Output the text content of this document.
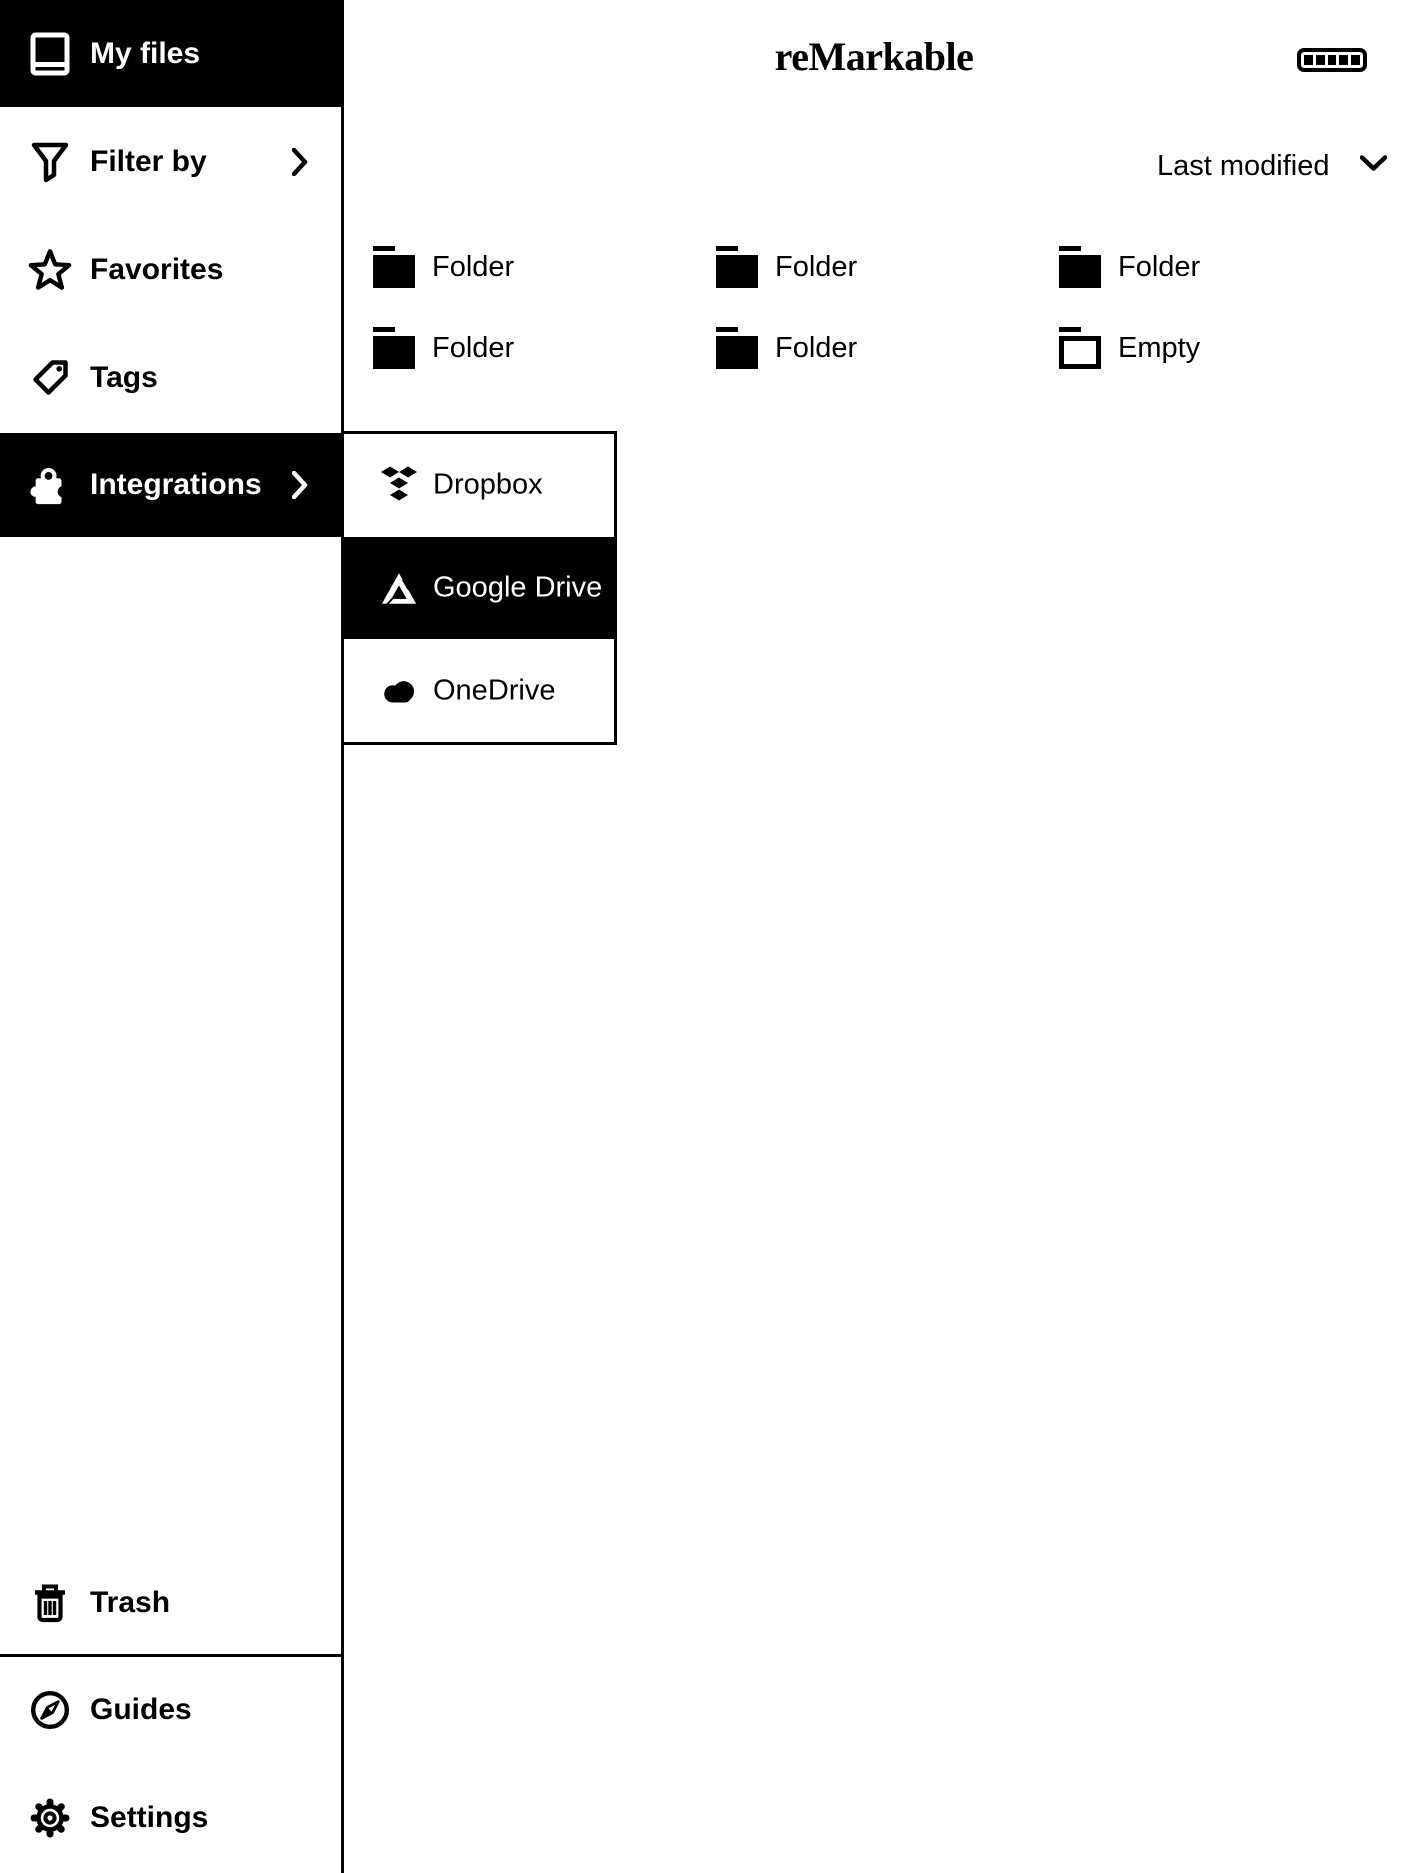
My files
Filter by
Favorites
Tags
Integrations
Trash
Guides
Settings
Dropbox
Google Drive
OneDrive
reMarkable
Last modified
Folder	Folder	Folder
Folder	Folder	Empty
